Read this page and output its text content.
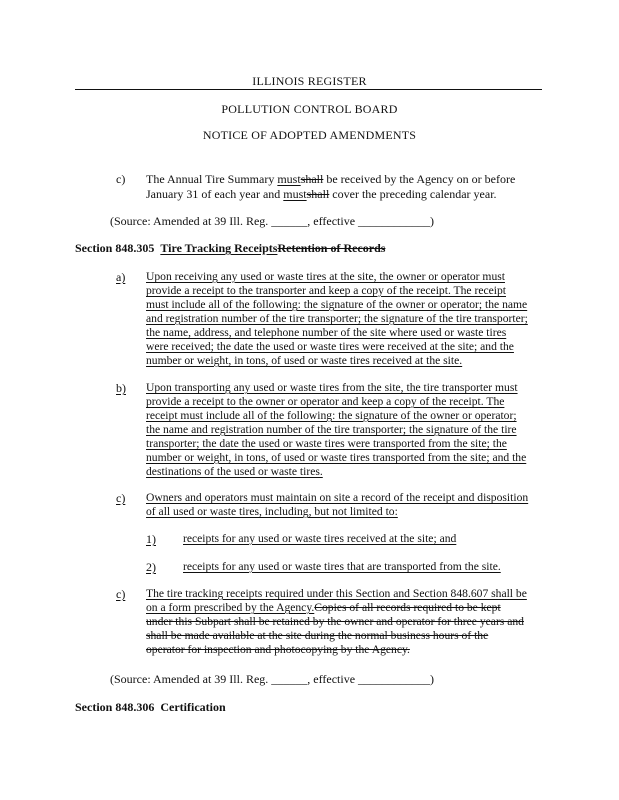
ILLINOIS REGISTER
POLLUTION CONTROL BOARD
NOTICE OF ADOPTED AMENDMENTS
c) The Annual Tire Summary mustshall be received by the Agency on or before
January 31 of each year and mustshall cover the preceding calendar year.
(Source: Amended at 39 Ill. Reg. ______, effective ____________)
Section 848.305 Tire Tracking ReceiptsRetention of Records
a) Upon receiving any used or waste tires at the site, the owner or operator must
provide a receipt to the transporter and keep a copy of the receipt. The receipt
must include all of the following: the signature of the owner or operator; the name
and registration number of the tire transporter; the signature of the tire transporter;
the name, address, and telephone number of the site where used or waste tires
were received; the date the used or waste tires were received at the site; and the
number or weight, in tons, of used or waste tires received at the site.
b) Upon transporting any used or waste tires from the site, the tire transporter must
provide a receipt to the owner or operator and keep a copy of the receipt. The
receipt must include all of the following: the signature of the owner or operator;
the name and registration number of the tire transporter; the signature of the tire
transporter; the date the used or waste tires were transported from the site; the
number or weight, in tons, of used or waste tires transported from the site; and the
destinations of the used or waste tires.
c) Owners and operators must maintain on site a record of the receipt and disposition
of all used or waste tires, including, but not limited to:
1) receipts for any used or waste tires received at the site; and
2) receipts for any used or waste tires that are transported from the site.
c) The tire tracking receipts required under this Section and Section 848.607 shall be
on a form prescribed by the Agency.Copies of all records required to be kept
under this Subpart shall be retained by the owner and operator for three years and
shall be made available at the site during the normal business hours of the
operator for inspection and photocopying by the Agency.
(Source: Amended at 39 Ill. Reg. ______, effective ____________)
Section 848.306 Certification
